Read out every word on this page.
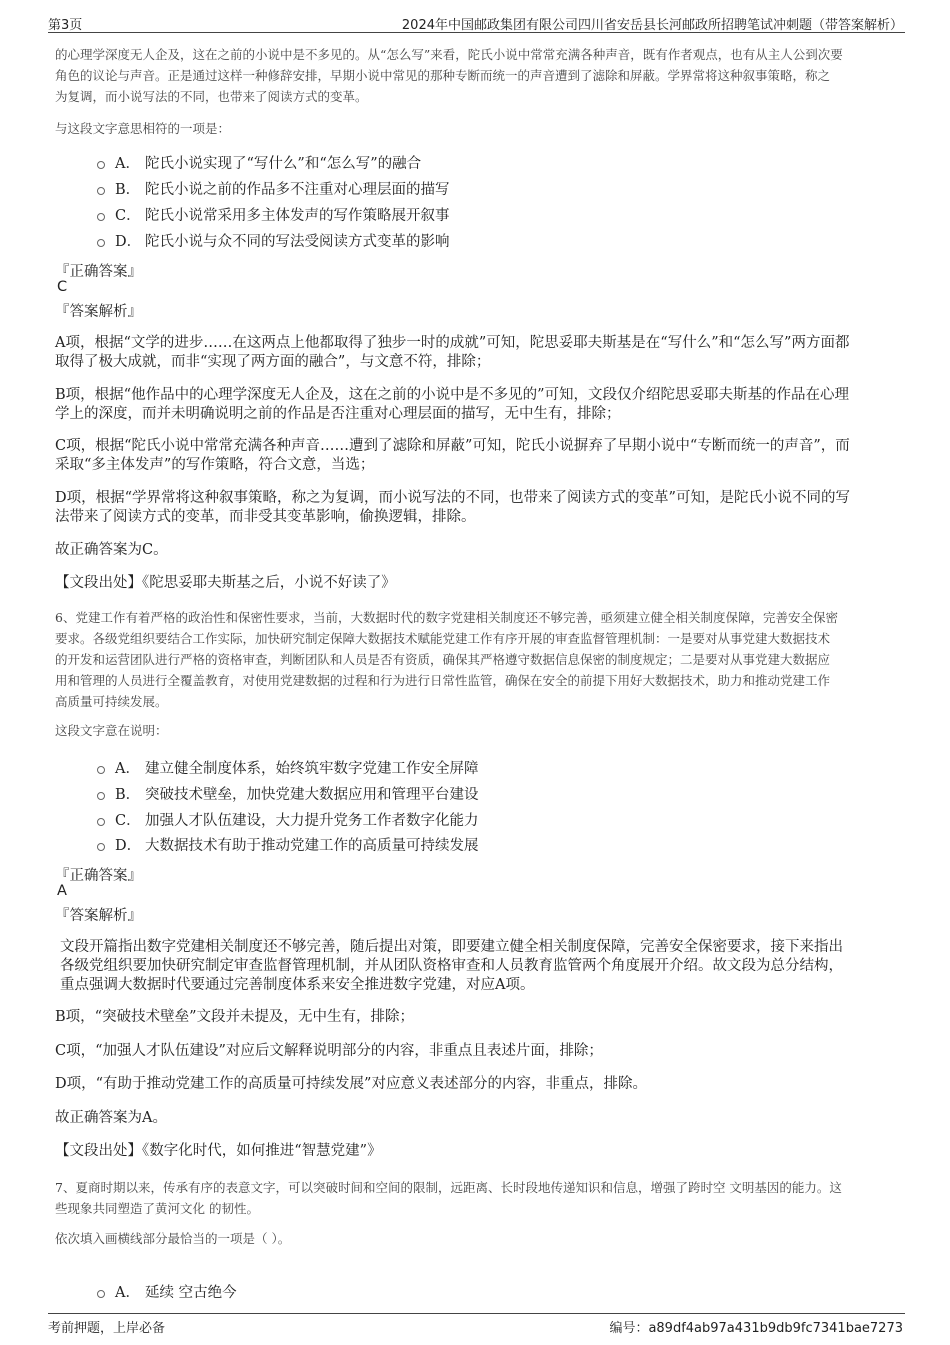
第3页	2024年中国邮政集团有限公司四川省安岳县长河邮政所招聘笔试冲刺题（带答案解析）
的心理学深度无人企及，这在之前的小说中是不多见的。从“怎么写”来看，陀氏小说中常常充满各种声音，既有作者观点，也有从主人公到次要
角色的议论与声音。正是通过这样一种修辞安排，早期小说中常见的那种专断而统一的声音遭到了滤除和屏蔽。学界常将这种叙事策略，称之
为复调，而小说写法的不同，也带来了阅读方式的变革。
与这段文字意思相符的一项是：
A． 陀氏小说实现了“写什么”和“怎么写”的融合
B． 陀氏小说之前的作品多不注重对心理层面的描写
C． 陀氏小说常采用多主体发声的写作策略展开叙事
D． 陀氏小说与众不同的写法受阅读方式变革的影响
『正确答案』
C
『答案解析』
A项，根据“文学的进步……在这两点上他都取得了独步一时的成就”可知，陀思妥耶夫斯基是在“写什么”和“怎么写”两方面都
取得了极大成就，而非“实现了两方面的融合”，与文意不符，排除；
B项，根据“他作品中的心理学深度无人企及，这在之前的小说中是不多见的”可知，文段仅介绍陀思妥耶夫斯基的作品在心理
学上的深度，而并未明确说明之前的作品是否注重对心理层面的描写，无中生有，排除；
C项，根据“陀氏小说中常常充满各种声音……遭到了滤除和屏蔽”可知，陀氏小说摒弃了早期小说中“专断而统一的声音”，而
采取“多主体发声”的写作策略，符合文意，当选；
D项，根据“学界常将这种叙事策略，称之为复调，而小说写法的不同，也带来了阅读方式的变革”可知，是陀氏小说不同的写
法带来了阅读方式的变革，而非受其变革影响，偷换逻辑，排除。
故正确答案为C。
【文段出处】《陀思妥耶夫斯基之后，小说不好读了》
6、党建工作有着严格的政治性和保密性要求，当前，大数据时代的数字党建相关制度还不够完善，亟须建立健全相关制度保障，完善安全保密
要求。各级党组织要结合工作实际，加快研究制定保障大数据技术赋能党建工作有序开展的审查监督管理机制：一是要对从事党建大数据技术
的开发和运营团队进行严格的资格审查，判断团队和人员是否有资质，确保其严格遵守数据信息保密的制度规定；二是要对从事党建大数据应
用和管理的人员进行全覆盖教育，对使用党建数据的过程和行为进行日常性监管，确保在安全的前提下用好大数据技术，助力和推动党建工作
高质量可持续发展。
这段文字意在说明：
A． 建立健全制度体系，始终筑牢数字党建工作安全屏障
B． 突破技术壁垒，加快党建大数据应用和管理平台建设
C． 加强人才队伍建设，大力提升党务工作者数字化能力
D． 大数据技术有助于推动党建工作的高质量可持续发展
『正确答案』
A
『答案解析』
文段开篇指出数字党建相关制度还不够完善，随后提出对策，即要建立健全相关制度保障，完善安全保密要求，接下来指出
各级党组织要加快研究制定审查监督管理机制，并从团队资格审查和人员教育监管两个角度展开介绍。故文段为总分结构，
重点强调大数据时代要通过完善制度体系来安全推进数字党建，对应A项。
B项，“突破技术壁垒”文段并未提及，无中生有，排除；
C项，“加强人才队伍建设”对应后文解释说明部分的内容，非重点且表述片面，排除；
D项，“有助于推动党建工作的高质量可持续发展”对应意义表述部分的内容，非重点，排除。
故正确答案为A。
【文段出处】《数字化时代，如何推进“智慧党建”》
7、夏商时期以来，传承有序的表意文字，可以突破时间和空间的限制，远距离、长时段地传递知识和信息，增强了跨时空 文明基因的能力。这
些现象共同塑造了黄河文化 的韧性。
依次填入画横线部分最恰当的一项是（ ）。
A． 延续 空古绝今
考前押题，上岸必备	编号：a89df4ab97a431b9db9fc7341bae7273
